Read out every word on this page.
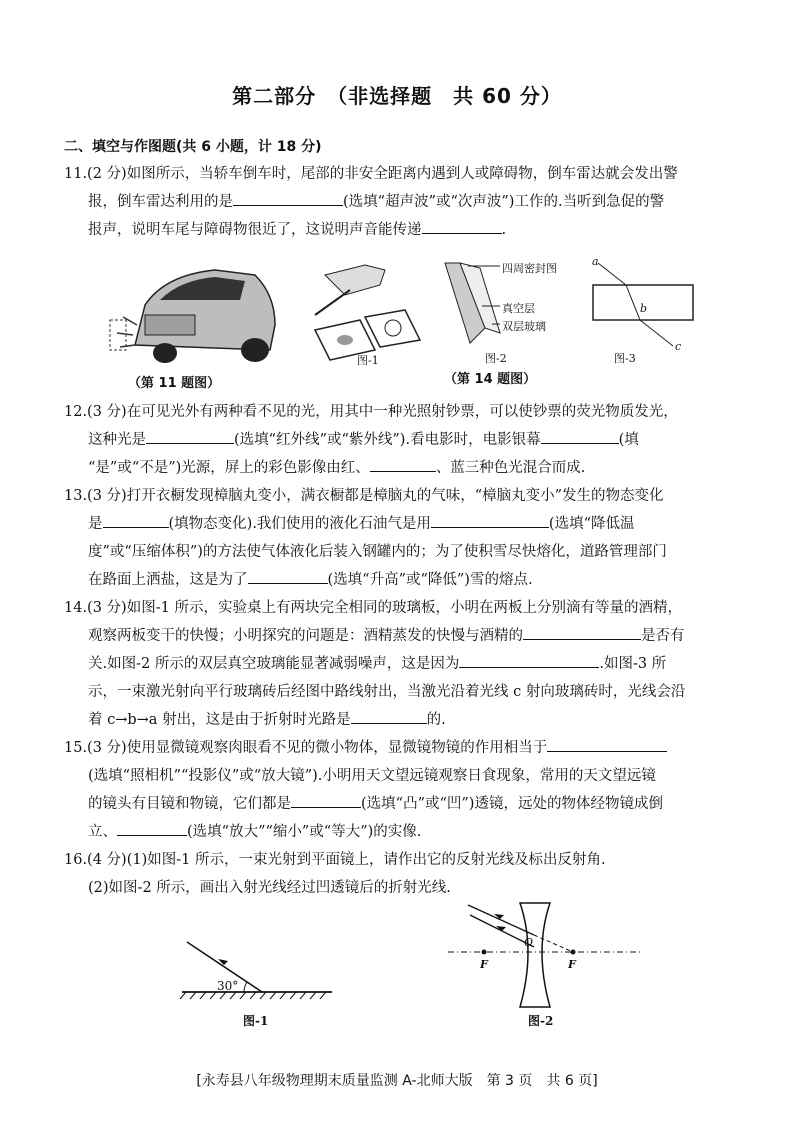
第二部分　（非选择题　共 60 分）
二、填空与作图题(共 6 小题，计 18 分)
11.(2 分)如图所示，当轿车倒车时，尾部的非安全距离内遇到人或障碍物，倒车雷达就会发出警
报，倒车雷达利用的是	(选填“超声波”或“次声波”)工作的.当听到急促的警
报声，说明车尾与障碍物很近了，这说明声音能传递	.
（第 11 题图）
图-1
四周密封图
真空层
双层玻璃
图-2
a
b
c
图-3
（第 14 题图）
12.(3 分)在可见光外有两种看不见的光，用其中一种光照射钞票，可以使钞票的荧光物质发光，
这种光是	(选填“红外线”或“紫外线”).看电影时，电影银幕	(填
“是”或“不是”)光源，屏上的彩色影像由红、	、蓝三种色光混合而成.
13.(3 分)打开衣橱发现樟脑丸变小，满衣橱都是樟脑丸的气味，“樟脑丸变小”发生的物态变化
是	(填物态变化).我们使用的液化石油气是用	(选填“降低温
度”或“压缩体积”)的方法使气体液化后装入钢罐内的；为了使积雪尽快熔化，道路管理部门
在路面上洒盐，这是为了	(选填“升高”或“降低”)雪的熔点.
14.(3 分)如图-1 所示，实验桌上有两块完全相同的玻璃板，小明在两板上分别滴有等量的酒精，
观察两板变干的快慢；小明探究的问题是：酒精蒸发的快慢与酒精的	是否有
关.如图-2 所示的双层真空玻璃能显著减弱噪声，这是因为	.如图-3 所
示，一束激光射向平行玻璃砖后经图中路线射出，当激光沿着光线 c 射向玻璃砖时，光线会沿
着 c→b→a 射出，这是由于折射时光路是	的.
15.(3 分)使用显微镜观察肉眼看不见的微小物体，显微镜物镜的作用相当于
(选填“照相机”“投影仪”或“放大镜”).小明用天文望远镜观察日食现象，常用的天文望远镜
的镜头有目镜和物镜，它们都是	(选填“凸”或“凹”)透镜，远处的物体经物镜成倒
立、	(选填“放大”“缩小”或“等大”)的实像.
16.(4 分)(1)如图-1 所示，一束光射到平面镜上，请作出它的反射光线及标出反射角.
(2)如图-2 所示，画出入射光线经过凹透镜后的折射光线.
30°
图-1
F	F
O
图-2
[永寿县八年级物理期末质量监测 A-北师大版　第 3 页　共 6 页]
